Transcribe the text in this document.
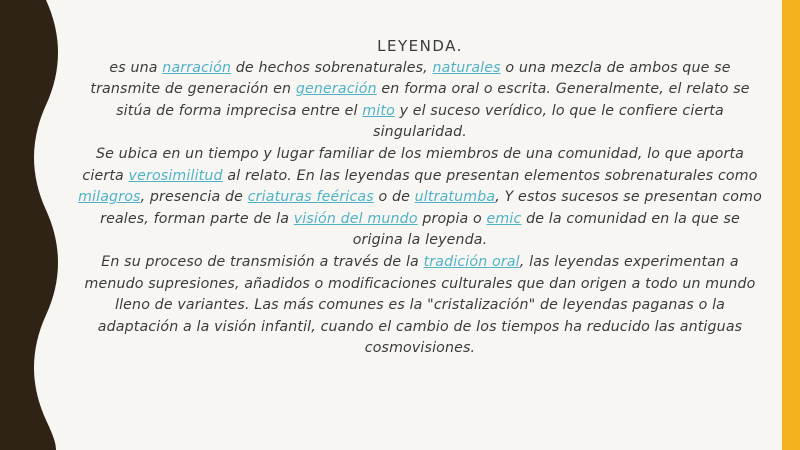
LEYENDA.

es una narración de hechos sobrenaturales, naturales o una mezcla de ambos que se transmite de generación en generación en forma oral o escrita. Generalmente, el relato se sitúa de forma imprecisa entre el mito y el suceso verídico, lo que le confiere cierta singularidad.

Se ubica en un tiempo y lugar familiar de los miembros de una comunidad, lo que aporta cierta verosimilitud al relato. En las leyendas que presentan elementos sobrenaturales como milagros, presencia de criaturas feéricas o de ultratumba, Y estos sucesos se presentan como reales, forman parte de la visión del mundo propia o emic de la comunidad en la que se origina la leyenda.

En su proceso de transmisión a través de la tradición oral, las leyendas experimentan a menudo supresiones, añadidos o modificaciones culturales que dan origen a todo un mundo lleno de variantes. Las más comunes es la "cristalización" de leyendas paganas o la adaptación a la visión infantil, cuando el cambio de los tiempos ha reducido las antiguas cosmovisiones.
